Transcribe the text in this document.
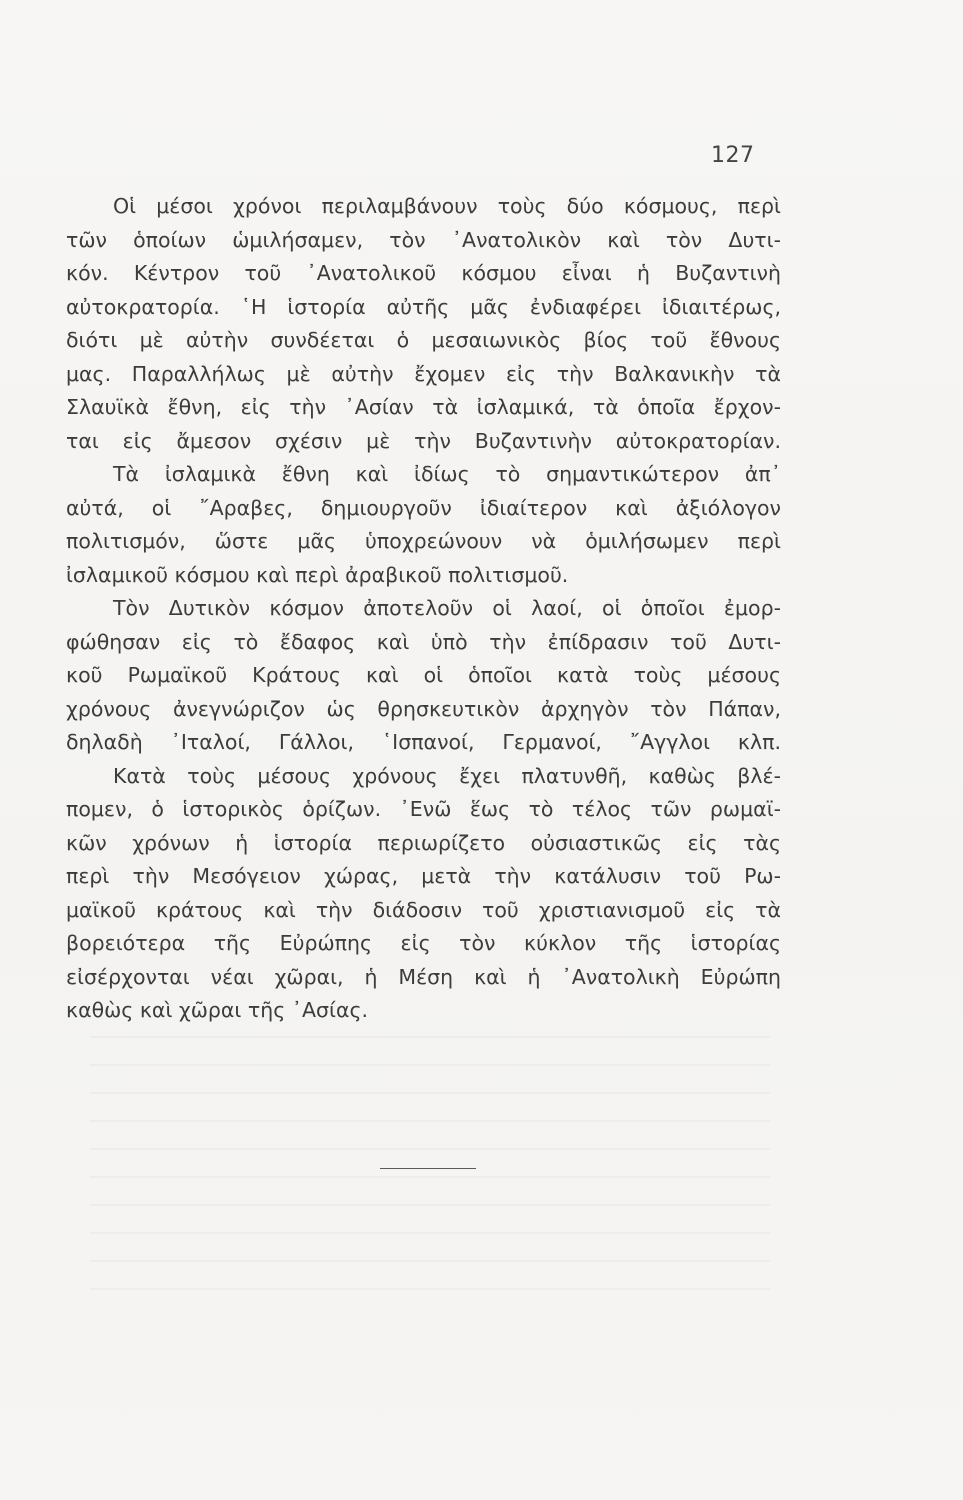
127
Οἱ μέσοι χρόνοι περιλαμβάνουν τοὺς δύο κόσμους, περὶ
τῶν ὁποίων ὡμιλήσαμεν, τὸν ᾿Ανατολικὸν καὶ τὸν Δυτι-
κόν. Κέντρον τοῦ ᾿Ανατολικοῦ κόσμου εἶναι ἡ Βυζαντινὴ
αὐτοκρατορία. ῾Η ἱστορία αὐτῆς μᾶς ἐνδιαφέρει ἰδιαιτέρως,
διότι μὲ αὐτὴν συνδέεται ὁ μεσαιωνικὸς βίος τοῦ ἔθνους
μας. Παραλλήλως μὲ αὐτὴν ἔχομεν εἰς τὴν Βαλκανικὴν τὰ
Σλαυϊκὰ ἔθνη, εἰς τὴν ᾿Ασίαν τὰ ἰσλαμικά, τὰ ὁποῖα ἔρχον-
ται εἰς ἄμεσον σχέσιν μὲ τὴν Βυζαντινὴν αὐτοκρατορίαν.
Τὰ ἰσλαμικὰ ἔθνη καὶ ἰδίως τὸ σημαντικώτερον ἀπ᾿
αὐτά, οἱ ῎Αραβες, δημιουργοῦν ἰδιαίτερον καὶ ἀξιόλογον
πολιτισμόν, ὥστε μᾶς ὑποχρεώνουν νὰ ὁμιλήσωμεν περὶ
ἰσλαμικοῦ κόσμου καὶ περὶ ἀραβικοῦ πολιτισμοῦ.
Τὸν Δυτικὸν κόσμον ἀποτελοῦν οἱ λαοί, οἱ ὁποῖοι ἐμορ-
φώθησαν εἰς τὸ ἔδαφος καὶ ὑπὸ τὴν ἐπίδρασιν τοῦ Δυτι-
κοῦ Ρωμαϊκοῦ Κράτους καὶ οἱ ὁποῖοι κατὰ τοὺς μέσους
χρόνους ἀνεγνώριζον ὡς θρησκευτικὸν ἀρχηγὸν τὸν Πάπαν,
δηλαδὴ ᾿Ιταλοί, Γάλλοι, ῾Ισπανοί, Γερμανοί, ῎Αγγλοι κλπ.
Κατὰ τοὺς μέσους χρόνους ἔχει πλατυνθῆ, καθὼς βλέ-
πομεν, ὁ ἱστορικὸς ὁρίζων. ᾿Ενῶ ἕως τὸ τέλος τῶν ρωμαϊ-
κῶν χρόνων ἡ ἱστορία περιωρίζετο οὐσιαστικῶς εἰς τὰς
περὶ τὴν Μεσόγειον χώρας, μετὰ τὴν κατάλυσιν τοῦ Ρω-
μαϊκοῦ κράτους καὶ τὴν διάδοσιν τοῦ χριστιανισμοῦ εἰς τὰ
βορειότερα τῆς Εὐρώπης εἰς τὸν κύκλον τῆς ἱστορίας
εἰσέρχονται νέαι χῶραι, ἡ Μέση καὶ ἡ ᾿Ανατολικὴ Εὐρώπη
καθὼς καὶ χῶραι τῆς ᾿Ασίας.
